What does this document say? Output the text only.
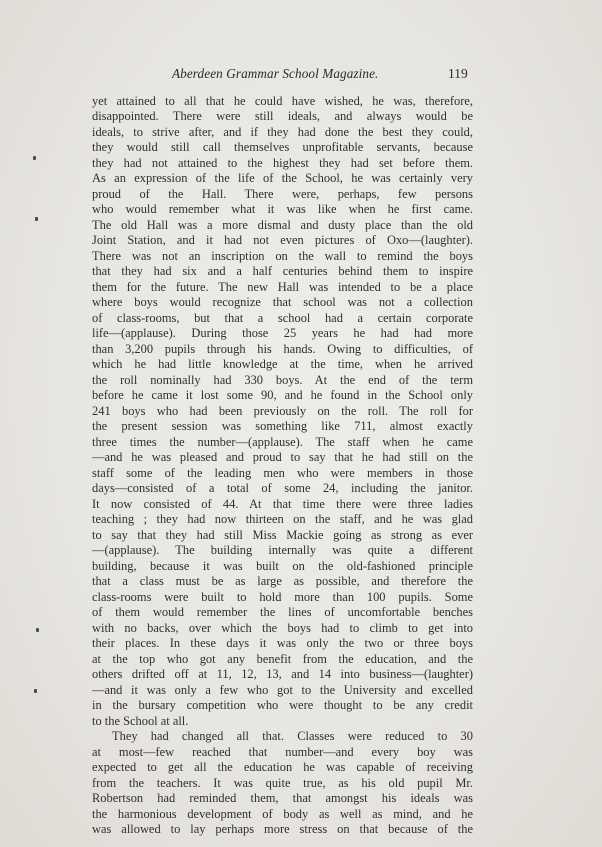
Aberdeen Grammar School Magazine.	119
yet attained to all that he could have wished, he was, therefore,
disappointed. There were still ideals, and always would be
ideals, to strive after, and if they had done the best they could,
they would still call themselves unprofitable servants, because
they had not attained to the highest they had set before them.
As an expression of the life of the School, he was certainly very
proud of the Hall. There were, perhaps, few persons
who would remember what it was like when he first came.
The old Hall was a more dismal and dusty place than the old
Joint Station, and it had not even pictures of Oxo—(laughter).
There was not an inscription on the wall to remind the boys
that they had six and a half centuries behind them to inspire
them for the future. The new Hall was intended to be a place
where boys would recognize that school was not a collection
of class-rooms, but that a school had a certain corporate
life—(applause). During those 25 years he had had more
than 3,200 pupils through his hands. Owing to difficulties, of
which he had little knowledge at the time, when he arrived
the roll nominally had 330 boys. At the end of the term
before he came it lost some 90, and he found in the School only
241 boys who had been previously on the roll. The roll for
the present session was something like 711, almost exactly
three times the number—(applause). The staff when he came
—and he was pleased and proud to say that he had still on the
staff some of the leading men who were members in those
days—consisted of a total of some 24, including the janitor.
It now consisted of 44. At that time there were three ladies
teaching ; they had now thirteen on the staff, and he was glad
to say that they had still Miss Mackie going as strong as ever
—(applause). The building internally was quite a different
building, because it was built on the old-fashioned principle
that a class must be as large as possible, and therefore the
class-rooms were built to hold more than 100 pupils. Some
of them would remember the lines of uncomfortable benches
with no backs, over which the boys had to climb to get into
their places. In these days it was only the two or three boys
at the top who got any benefit from the education, and the
others drifted off at 11, 12, 13, and 14 into business—(laughter)
—and it was only a few who got to the University and excelled
in the bursary competition who were thought to be any credit
to the School at all.
They had changed all that. Classes were reduced to 30
at most—few reached that number—and every boy was
expected to get all the education he was capable of receiving
from the teachers. It was quite true, as his old pupil Mr.
Robertson had reminded them, that amongst his ideals was
the harmonious development of body as well as mind, and he
was allowed to lay perhaps more stress on that because of the
